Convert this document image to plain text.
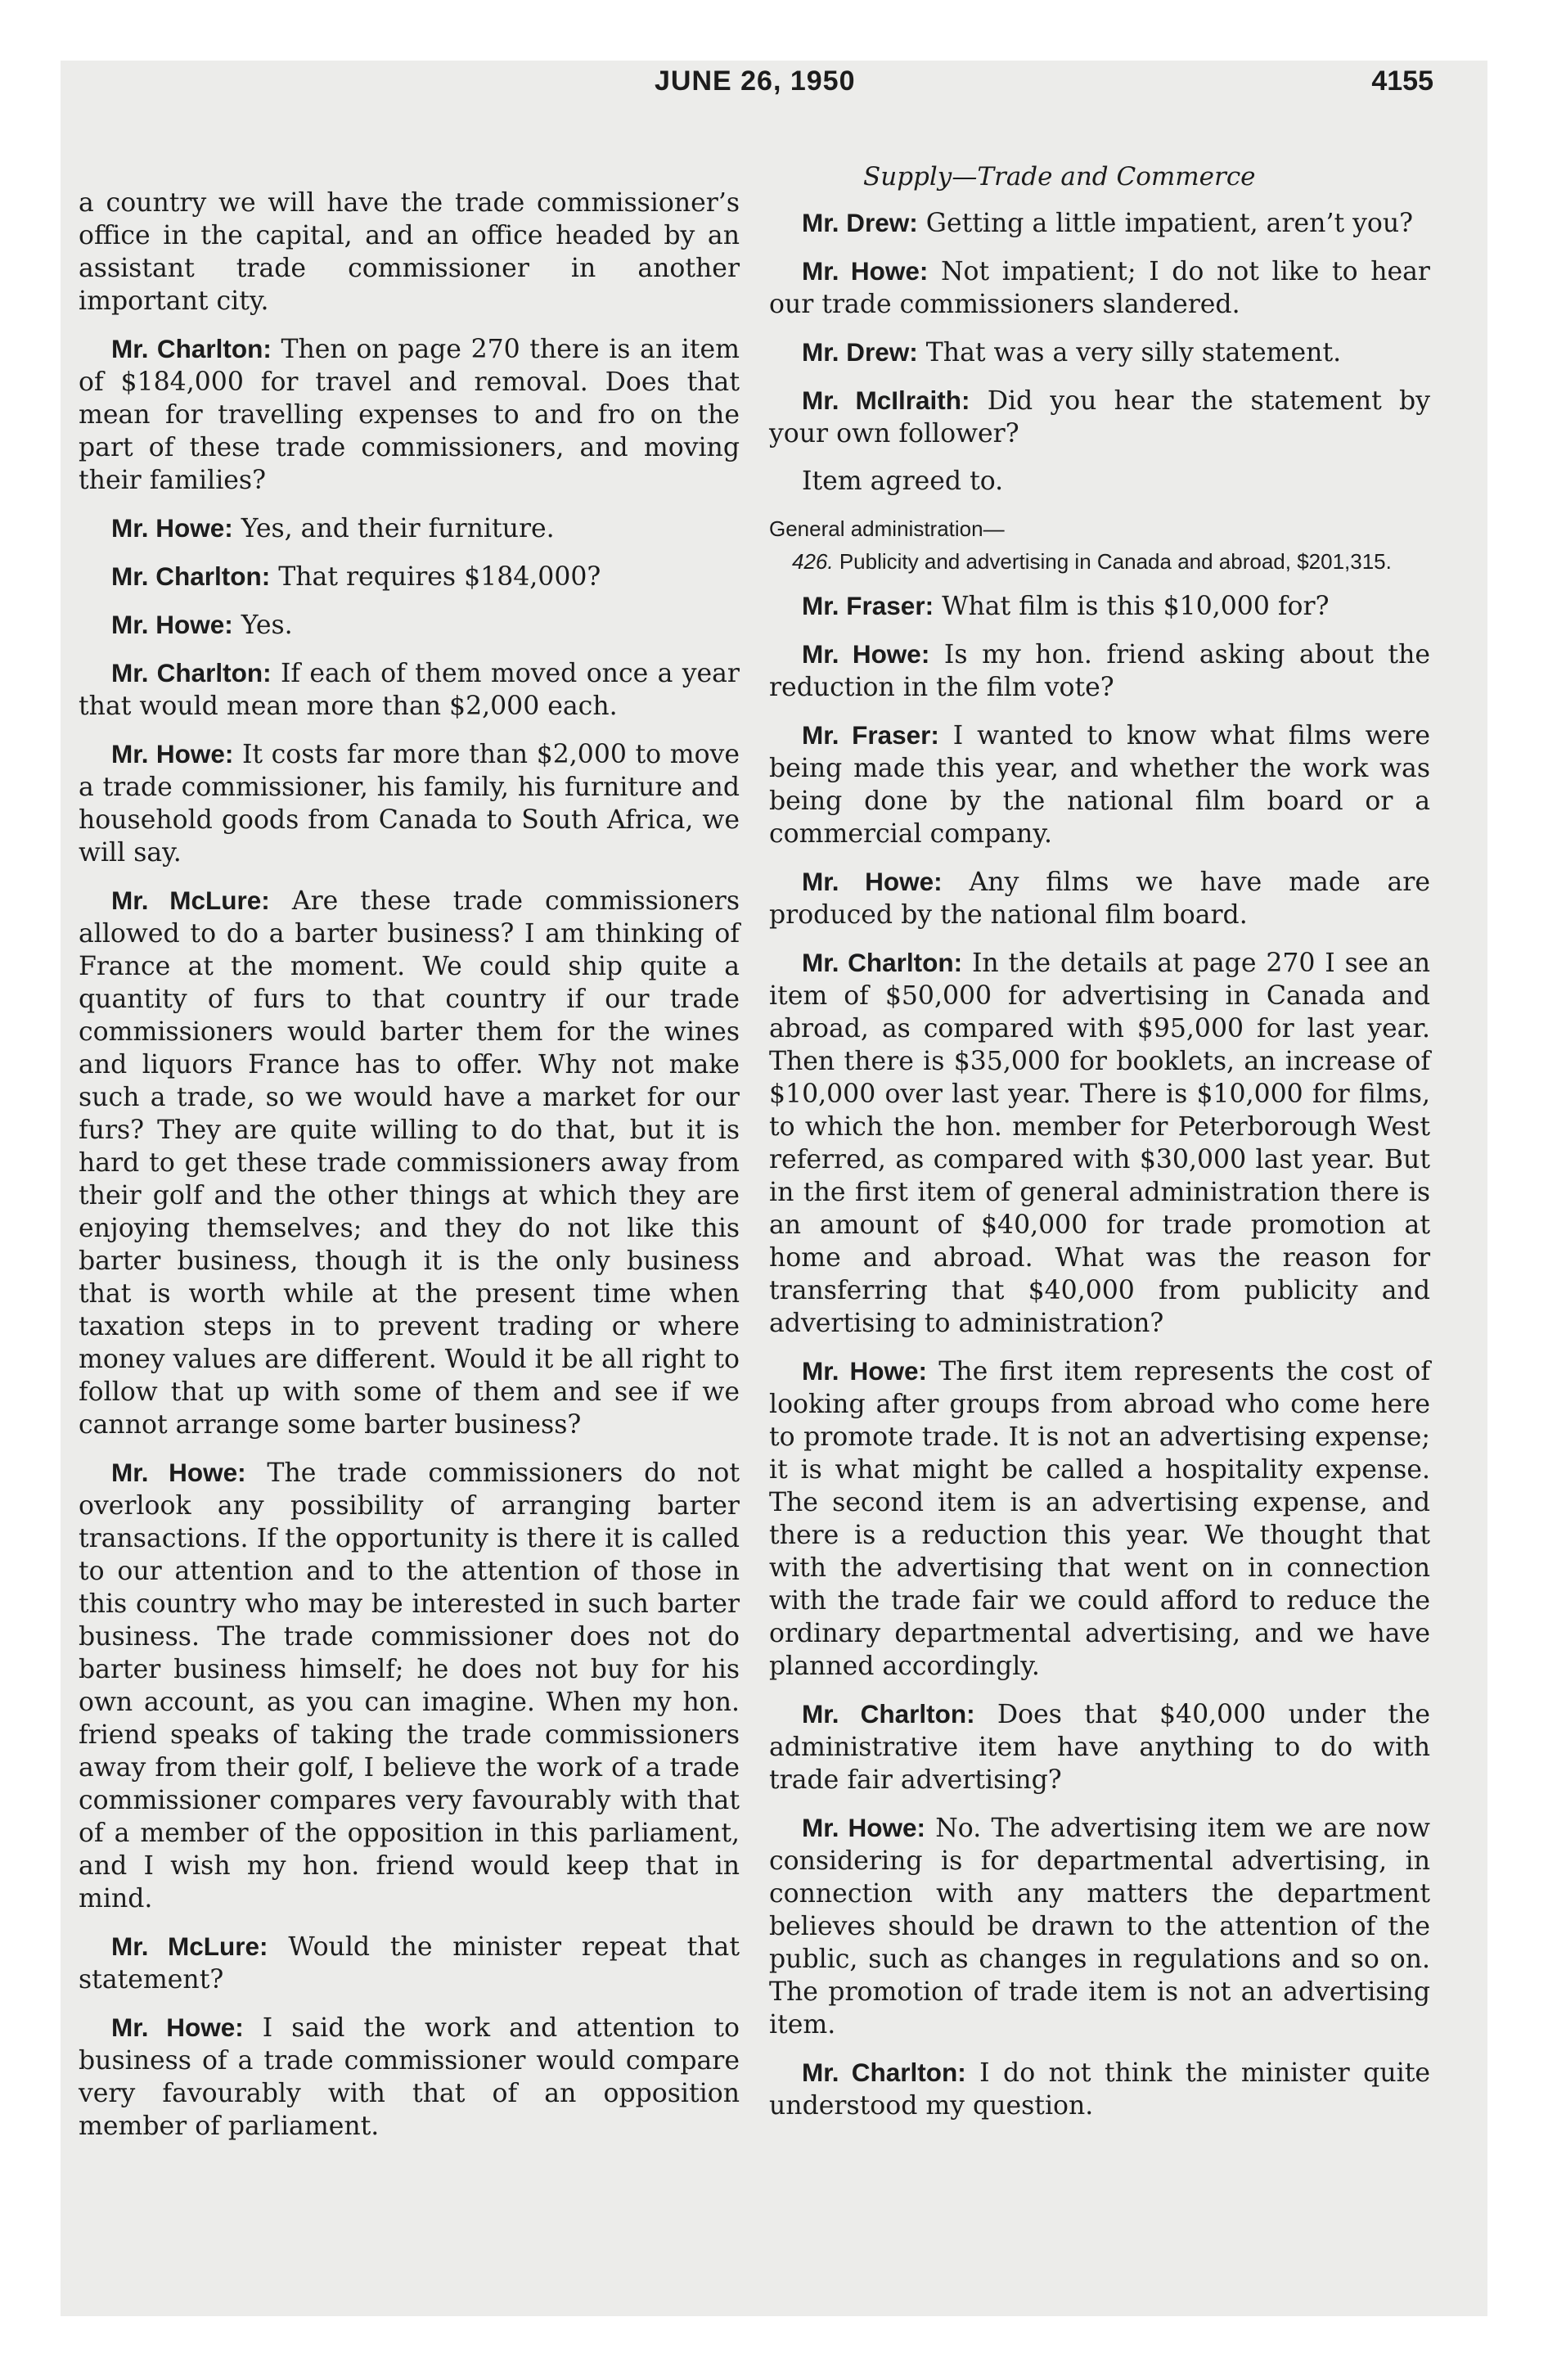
JUNE 26, 1950	4155
Supply—Trade and Commerce

a country we will have the trade commissioner’s office in the capital, and an office headed by an assistant trade commissioner in another important city.

Mr. Charlton: Then on page 270 there is an item of $184,000 for travel and removal. Does that mean for travelling expenses to and fro on the part of these trade commissioners, and moving their families?

Mr. Howe: Yes, and their furniture.

Mr. Charlton: That requires $184,000?

Mr. Howe: Yes.

Mr. Charlton: If each of them moved once a year that would mean more than $2,000 each.

Mr. Howe: It costs far more than $2,000 to move a trade commissioner, his family, his furniture and household goods from Canada to South Africa, we will say.

Mr. McLure: Are these trade commissioners allowed to do a barter business? I am thinking of France at the moment. We could ship quite a quantity of furs to that country if our trade commissioners would barter them for the wines and liquors France has to offer. Why not make such a trade, so we would have a market for our furs? They are quite willing to do that, but it is hard to get these trade commissioners away from their golf and the other things at which they are enjoying themselves; and they do not like this barter business, though it is the only business that is worth while at the present time when taxation steps in to prevent trading or where money values are different. Would it be all right to follow that up with some of them and see if we cannot arrange some barter business?

Mr. Howe: The trade commissioners do not overlook any possibility of arranging barter transactions. If the opportunity is there it is called to our attention and to the attention of those in this country who may be interested in such barter business. The trade commissioner does not do barter business himself; he does not buy for his own account, as you can imagine. When my hon. friend speaks of taking the trade commissioners away from their golf, I believe the work of a trade commissioner compares very favourably with that of a member of the opposition in this parliament, and I wish my hon. friend would keep that in mind.

Mr. McLure: Would the minister repeat that statement?

Mr. Howe: I said the work and attention to business of a trade commissioner would compare very favourably with that of an opposition member of parliament.

Mr. Drew: Getting a little impatient, aren’t you?

Mr. Howe: Not impatient; I do not like to hear our trade commissioners slandered.

Mr. Drew: That was a very silly statement.

Mr. McIlraith: Did you hear the statement by your own follower?

Item agreed to.

General administration—
426. Publicity and advertising in Canada and abroad, $201,315.

Mr. Fraser: What film is this $10,000 for?

Mr. Howe: Is my hon. friend asking about the reduction in the film vote?

Mr. Fraser: I wanted to know what films were being made this year, and whether the work was being done by the national film board or a commercial company.

Mr. Howe: Any films we have made are produced by the national film board.

Mr. Charlton: In the details at page 270 I see an item of $50,000 for advertising in Canada and abroad, as compared with $95,000 for last year. Then there is $35,000 for booklets, an increase of $10,000 over last year. There is $10,000 for films, to which the hon. member for Peterborough West referred, as compared with $30,000 last year. But in the first item of general administration there is an amount of $40,000 for trade promotion at home and abroad. What was the reason for transferring that $40,000 from publicity and advertising to administration?

Mr. Howe: The first item represents the cost of looking after groups from abroad who come here to promote trade. It is not an advertising expense; it is what might be called a hospitality expense. The second item is an advertising expense, and there is a reduction this year. We thought that with the advertising that went on in connection with the trade fair we could afford to reduce the ordinary departmental advertising, and we have planned accordingly.

Mr. Charlton: Does that $40,000 under the administrative item have anything to do with trade fair advertising?

Mr. Howe: No. The advertising item we are now considering is for departmental advertising, in connection with any matters the department believes should be drawn to the attention of the public, such as changes in regulations and so on. The promotion of trade item is not an advertising item.

Mr. Charlton: I do not think the minister quite understood my question.
